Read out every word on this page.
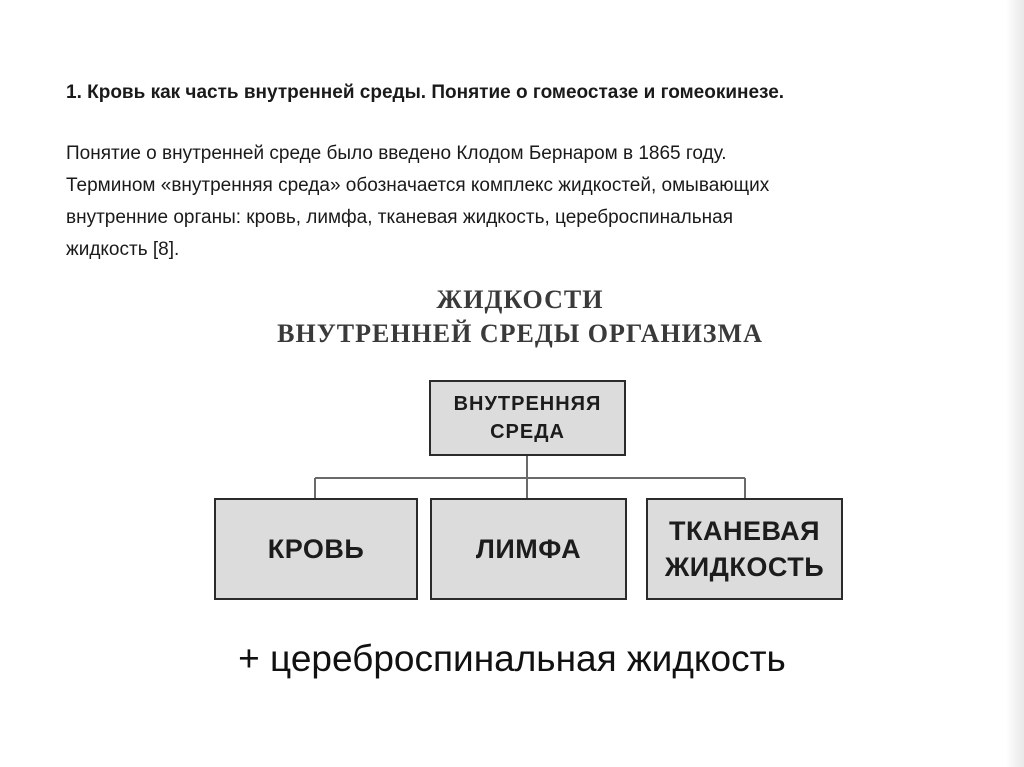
1. Кровь как часть внутренней среды. Понятие о гомеостазе и гомеокинезе.
Понятие о внутренней среде было введено Клодом Бернаром в 1865 году.
Термином «внутренняя среда» обозначается комплекс жидкостей, омывающих
внутренние органы: кровь, лимфа, тканевая жидкость, цереброспинальная
жидкость [8].
ЖИДКОСТИ
ВНУТРЕННЕЙ СРЕДЫ ОРГАНИЗМА
ВНУТРЕННЯЯ
СРЕДА
КРОВЬ	ЛИМФА
ТКАНЕВАЯ
ЖИДКОСТЬ
+ цереброспинальная жидкость
